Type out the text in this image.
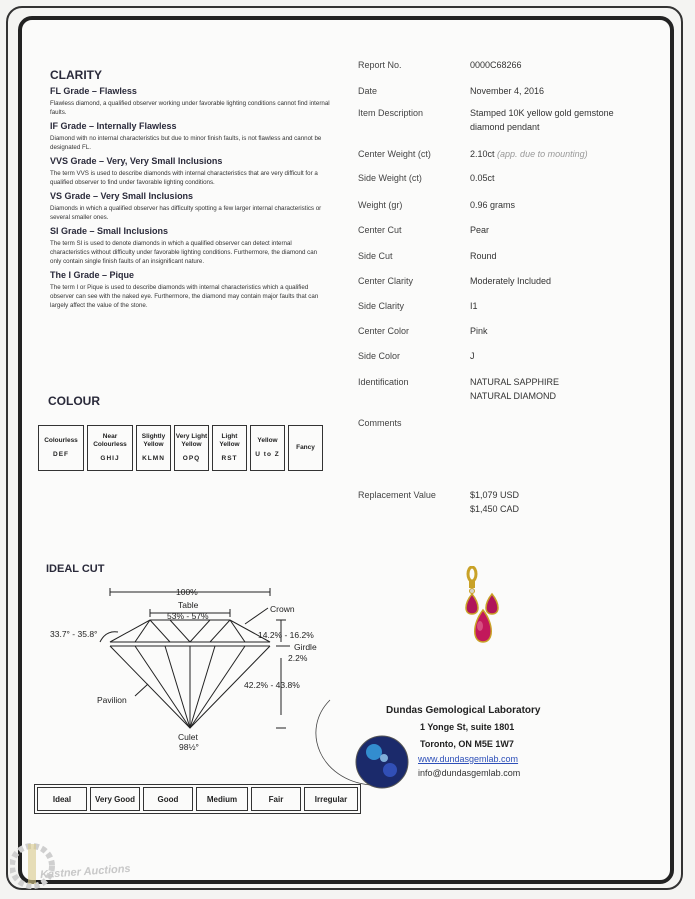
CLARITY
FL Grade – Flawless
Flawless diamond, a qualified observer working under favorable lighting conditions cannot find internal faults.
IF Grade – Internally Flawless
Diamond with no internal characteristics but due to minor finish faults, is not flawless and cannot be designated FL.
VVS Grade – Very, Very Small Inclusions
The term VVS is used to describe diamonds with internal characteristics that are very difficult for a qualified observer to find under favorable lighting conditions.
VS Grade – Very Small Inclusions
Diamonds in which a qualified observer has difficulty spotting a few larger internal characteristics or several smaller ones.
SI Grade – Small Inclusions
The term SI is used to denote diamonds in which a qualified observer can detect internal characteristics without difficulty under favorable lighting conditions. Furthermore, the diamond can only contain single finish faults of an insignificant nature.
The I Grade – Pique
The term I or Pique is used to describe diamonds with internal characteristics which a qualified observer can see with the naked eye. Furthermore, the diamond may contain major faults that can largely affect the value of the stone.
COLOUR
Colourless
DEF

Near Colourless
GHIJ

Slightly Yellow
KLMN

Very Light Yellow
OPQ

Light Yellow
RST

Yellow
U to Z

Fancy
IDEAL CUT
100%
Table
53% - 57%
Crown
33.7° - 35.8°	14.2% - 16.2%
Girdle
2.2%
42.2% - 43.8%
Pavilion
Culet
98½°
Ideal	Very Good	Good	Medium	Fair	Irregular
Report No.	0000C68266
Date	November 4, 2016
Item Description	Stamped 10K yellow gold gemstone diamond pendant
Center Weight (ct)	2.10ct (app. due to mounting)
Side Weight (ct)	0.05ct
Weight (gr)	0.96 grams
Center Cut	Pear
Side Cut	Round
Center Clarity	Moderately Included
Side Clarity	I1
Center Color	Pink
Side Color	J
Identification	NATURAL SAPPHIRE
NATURAL DIAMOND
Comments
Replacement Value	$1,079 USD
$1,450 CAD
Dundas Gemological Laboratory
1 Yonge St, suite 1801
Toronto, ON M5E 1W7
www.dundasgemlab.com
info@dundasgemlab.com
Kastner Auctions
